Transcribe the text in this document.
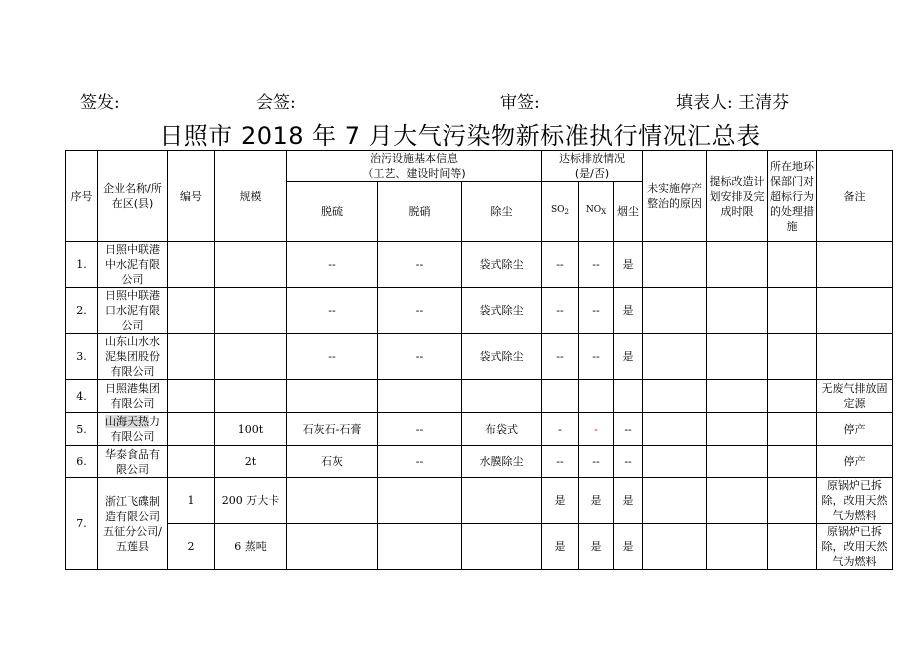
签发:	会签:	审签:	填表人: 王清芬
日照市 2018 年 7 月大气污染物新标准执行情况汇总表
序号	企业名称/所在区(县)	编号	规模	治污设施基本信息
（工艺、建设时间等)			达标排放情况
(是/否)			未实施停产整治的原因	提标改造计划安排及完成时限	所在地环保部门对超标行为的处理措施	备注
				脱硫	脱硝	除尘	$SO_2$	$NO_X$	烟尘				
1.	日照中联港中水泥有限公司			--	--	袋式除尘	--	--	是				
2.	日照中联港口水泥有限公司			--	--	袋式除尘	--	--	是				
3.	山东山水水泥集团股份有限公司			--	--	袋式除尘	--	--	是				
4.	日照港集团有限公司												无废气排放固定源
5.	山海天热力有限公司		100t	石灰石-石膏	--	布袋式	-	-	--				停产
6.	华泰食品有限公司		2t	石灰	--	水膜除尘	--	--	--				停产
7.	浙江飞碟制造有限公司五征分公司/五莲县	1	200 万大卡				是	是	是				原锅炉已拆除，改用天然气为燃料
		2	6 蒸吨				是	是	是				原锅炉已拆除，改用天然气为燃料
